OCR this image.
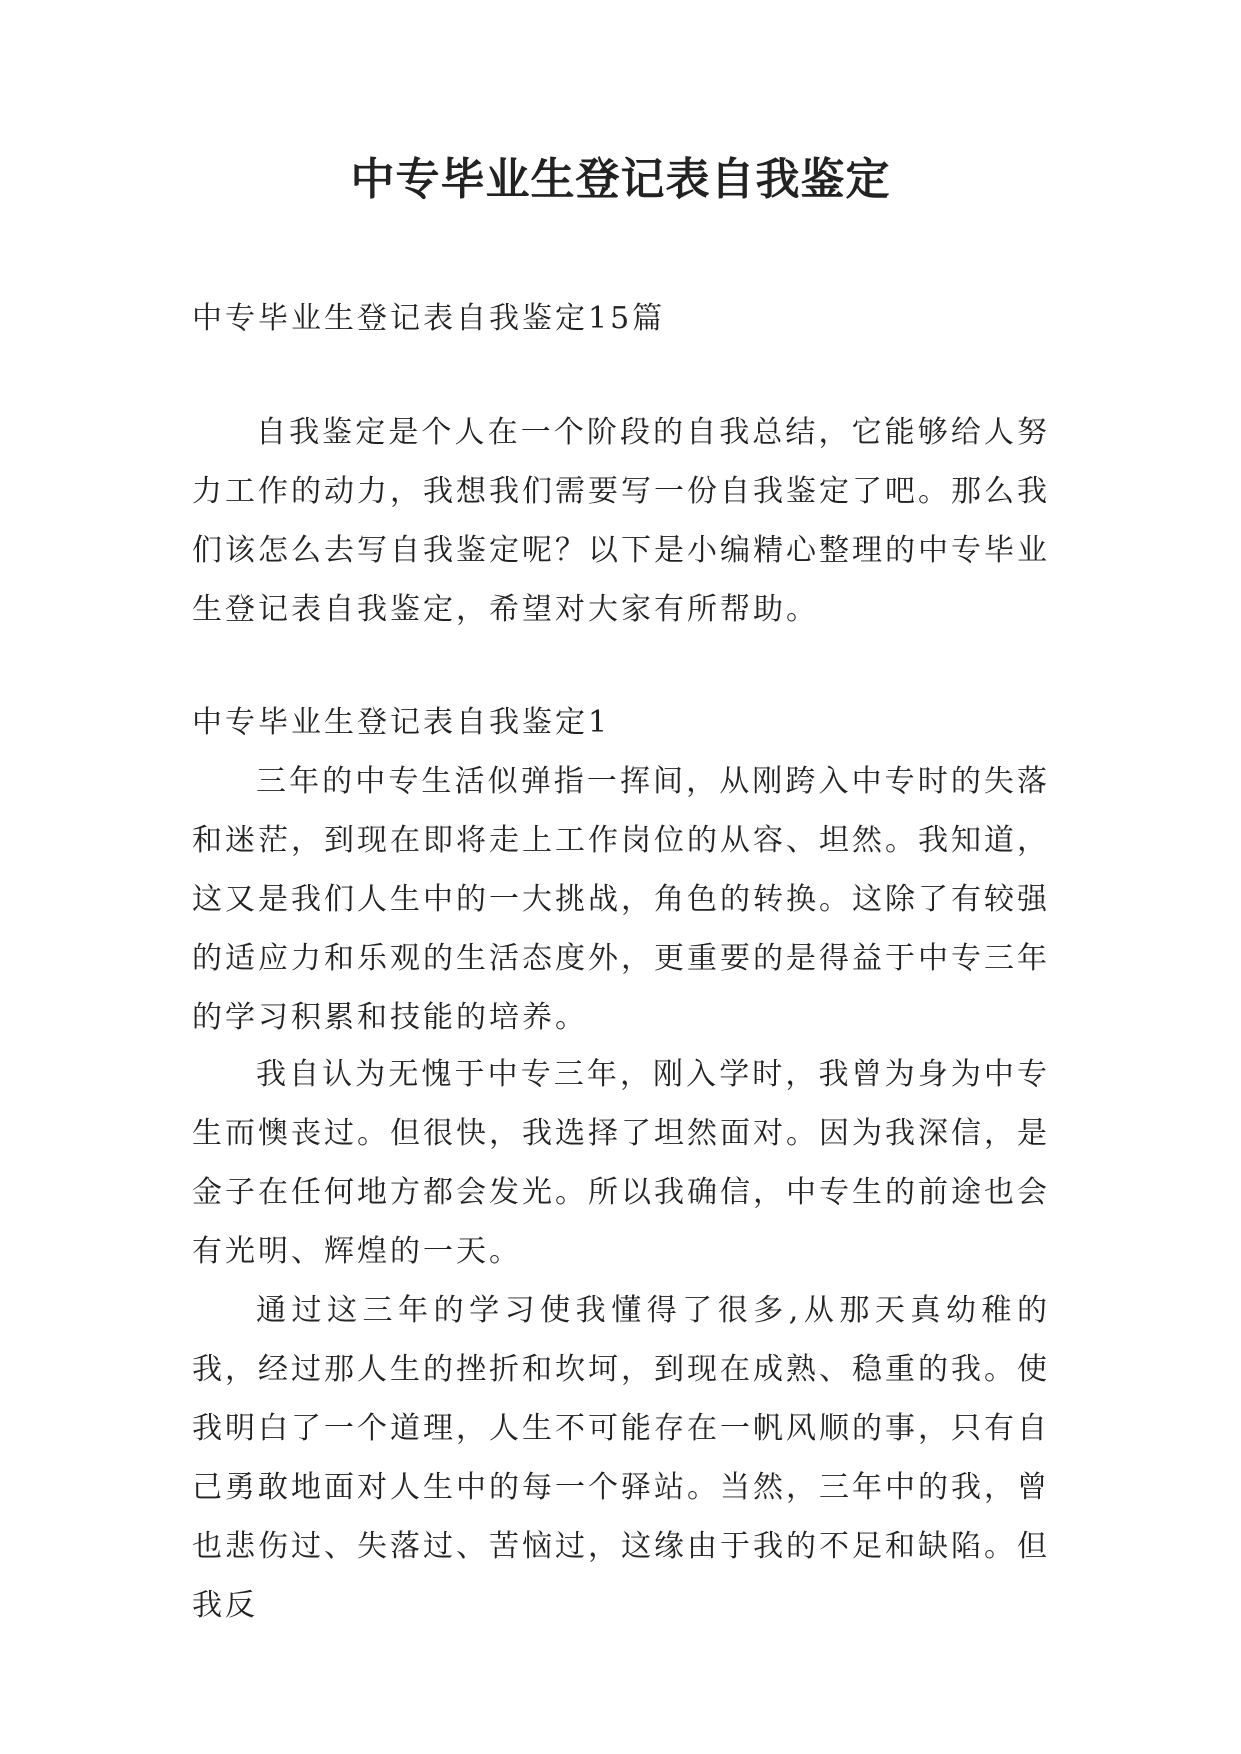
中专毕业生登记表自我鉴定

中专毕业生登记表自我鉴定15篇

自我鉴定是个人在一个阶段的自我总结，它能够给人努力工作的动力，我想我们需要写一份自我鉴定了吧。那么我们该怎么去写自我鉴定呢？以下是小编精心整理的中专毕业生登记表自我鉴定，希望对大家有所帮助。

中专毕业生登记表自我鉴定1

三年的中专生活似弹指一挥间，从刚跨入中专时的失落和迷茫，到现在即将走上工作岗位的从容、坦然。我知道，这又是我们人生中的一大挑战，角色的转换。这除了有较强的适应力和乐观的生活态度外，更重要的是得益于中专三年的学习积累和技能的培养。

我自认为无愧于中专三年，刚入学时，我曾为身为中专生而懊丧过。但很快，我选择了坦然面对。因为我深信，是金子在任何地方都会发光。所以我确信，中专生的前途也会有光明、辉煌的一天。

通过这三年的学习使我懂得了很多,从那天真幼稚的我，经过那人生的挫折和坎坷，到现在成熟、稳重的我。使我明白了一个道理，人生不可能存在一帆风顺的事，只有自己勇敢地面对人生中的每一个驿站。当然，三年中的我，曾也悲伤过、失落过、苦恼过，这缘由于我的不足和缺陷。但我反
